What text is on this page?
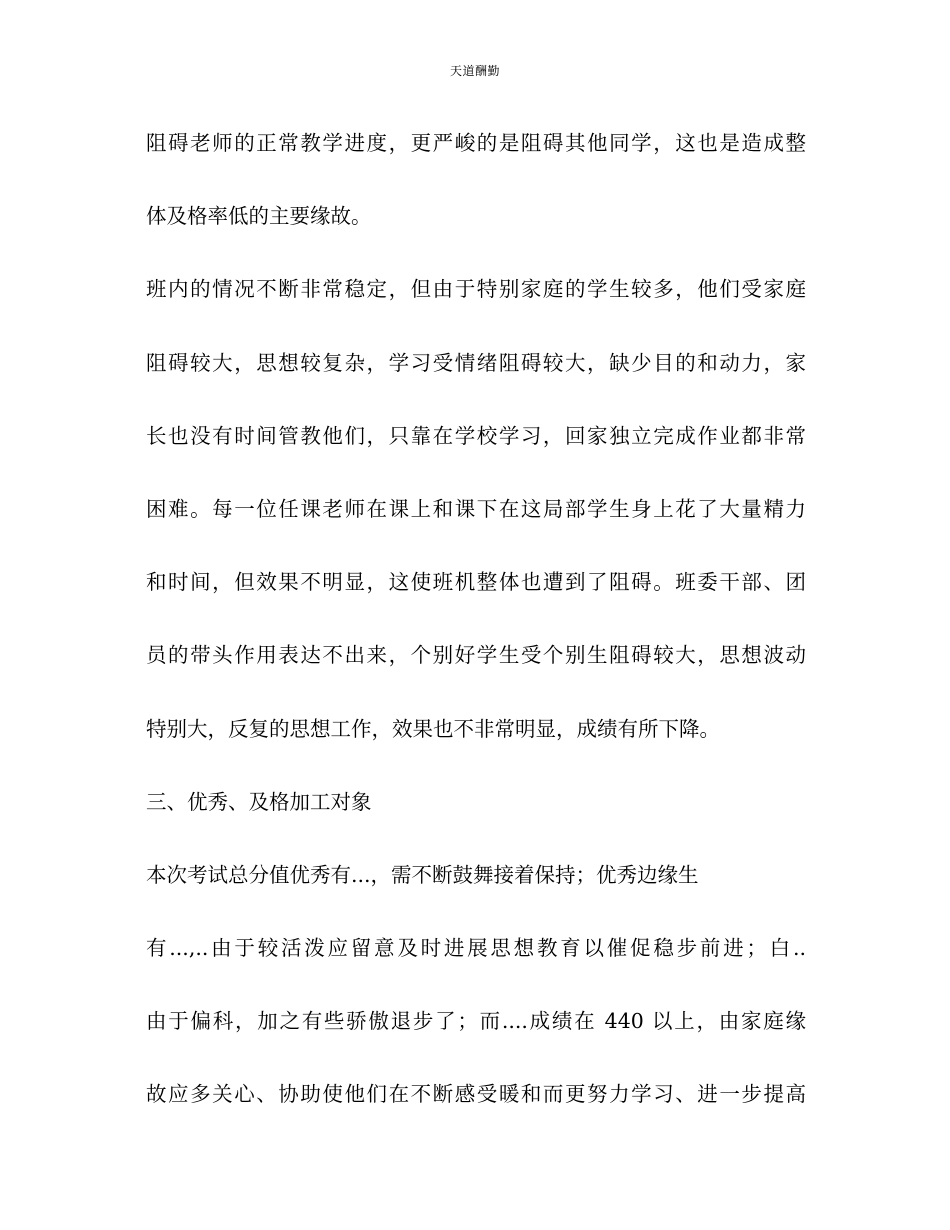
天道酬勤
阻碍老师的正常教学进度，更严峻的是阻碍其他同学，这也是造成整
体及格率低的主要缘故。
班内的情况不断非常稳定，但由于特别家庭的学生较多，他们受家庭
阻碍较大，思想较复杂，学习受情绪阻碍较大，缺少目的和动力，家
长也没有时间管教他们，只靠在学校学习，回家独立完成作业都非常
困难。每一位任课老师在课上和课下在这局部学生身上花了大量精力
和时间，但效果不明显，这使班机整体也遭到了阻碍。班委干部、团
员的带头作用表达不出来，个别好学生受个别生阻碍较大，思想波动
特别大，反复的思想工作，效果也不非常明显，成绩有所下降。
三、优秀、及格加工对象
本次考试总分值优秀有...，需不断鼓舞接着保持；优秀边缘生
有...,..由于较活泼应留意及时进展思想教育以催促稳步前进；白..
由于偏科，加之有些骄傲退步了；而....成绩在 440 以上，由家庭缘
故应多关心、协助使他们在不断感受暖和而更努力学习、进一步提高
